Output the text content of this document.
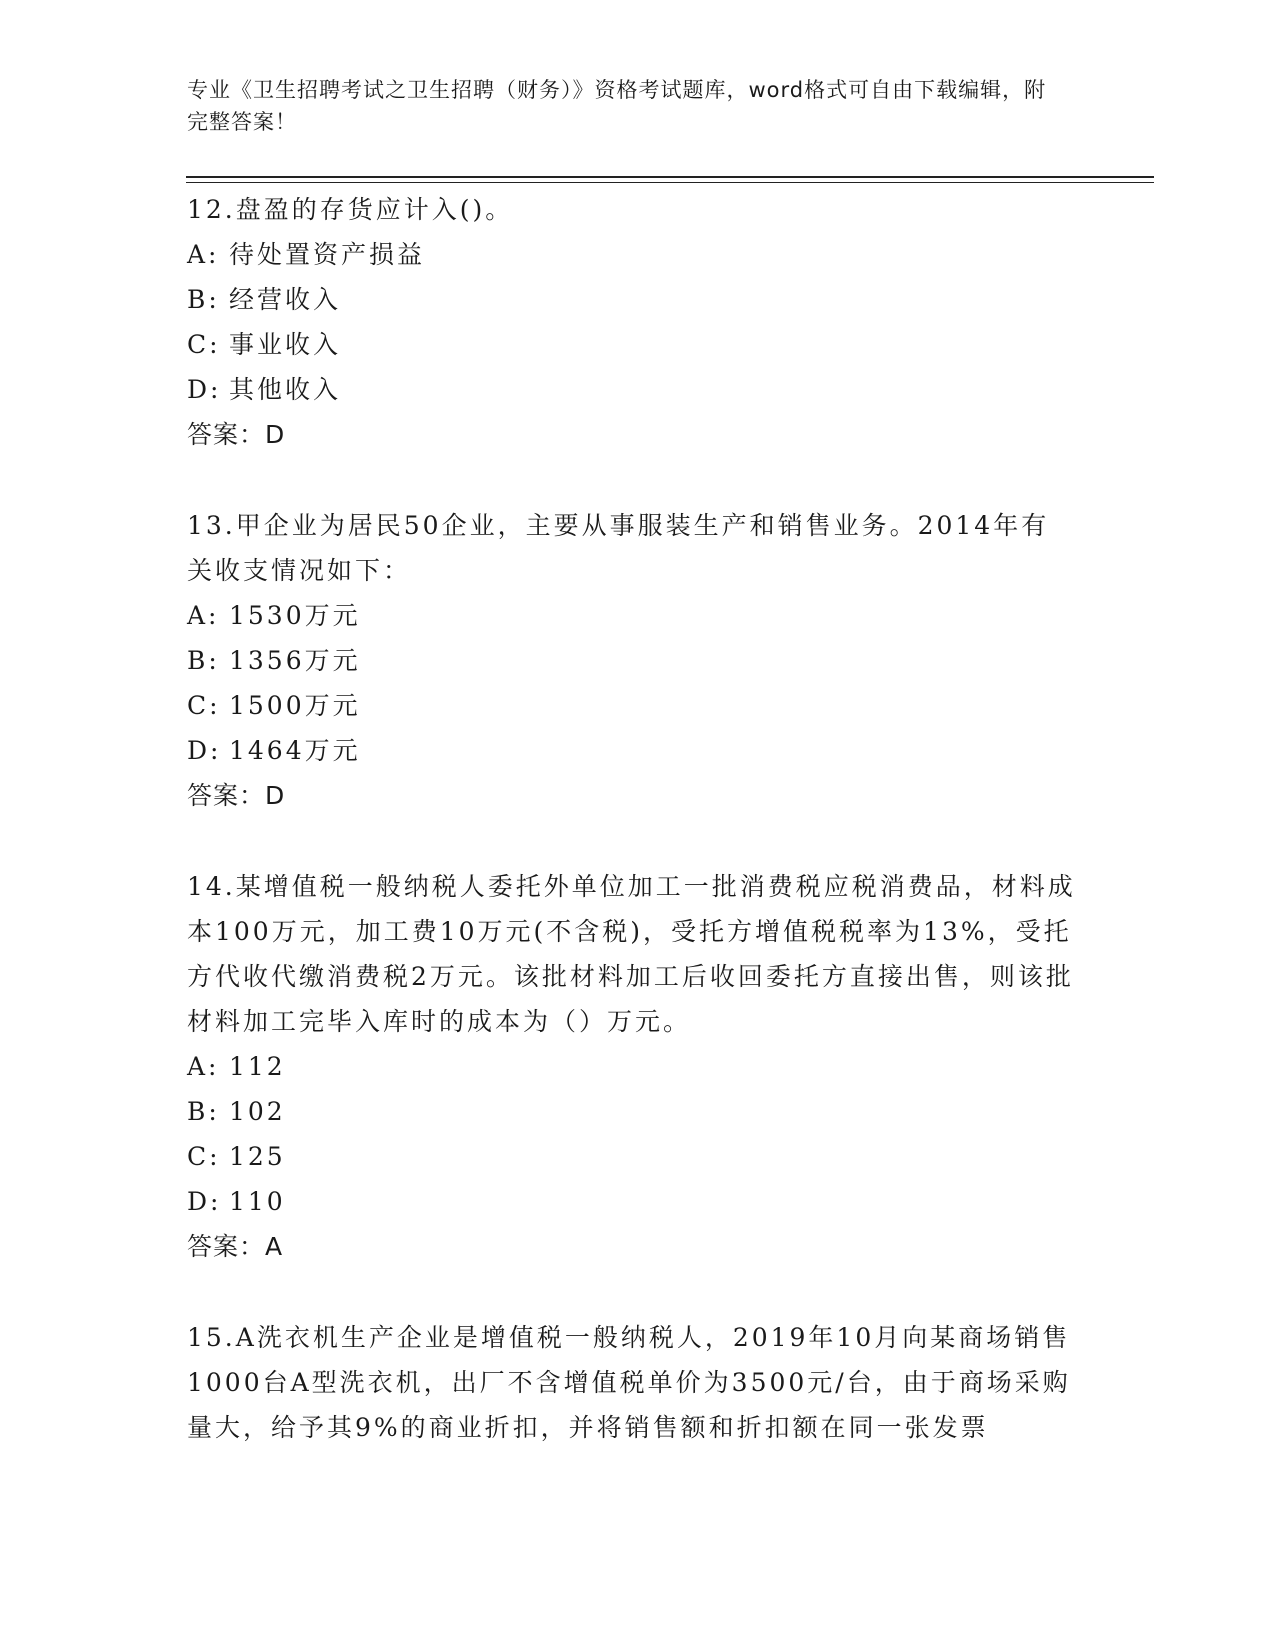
专业《卫生招聘考试之卫生招聘（财务）》资格考试题库，word格式可自由下载编辑，附完整答案！

12.盘盈的存货应计入()。

A: 待处置资产损益
B: 经营收入
C: 事业收入
D: 其他收入
答案：D

13.甲企业为居民50企业，主要从事服装生产和销售业务。2014年有关收支情况如下：

A: 1530万元
B: 1356万元
C: 1500万元
D: 1464万元
答案：D

14.某增值税一般纳税人委托外单位加工一批消费税应税消费品，材料成本100万元，加工费10万元(不含税)，受托方增值税税率为13%，受托方代收代缴消费税2万元。该批材料加工后收回委托方直接出售，则该批材料加工完毕入库时的成本为（）万元。

A: 112
B: 102
C: 125
D: 110
答案：A

15.A洗衣机生产企业是增值税一般纳税人，2019年10月向某商场销售1000台A型洗衣机，出厂不含增值税单价为3500元/台，由于商场采购量大，给予其9%的商业折扣，并将销售额和折扣额在同一张发票
